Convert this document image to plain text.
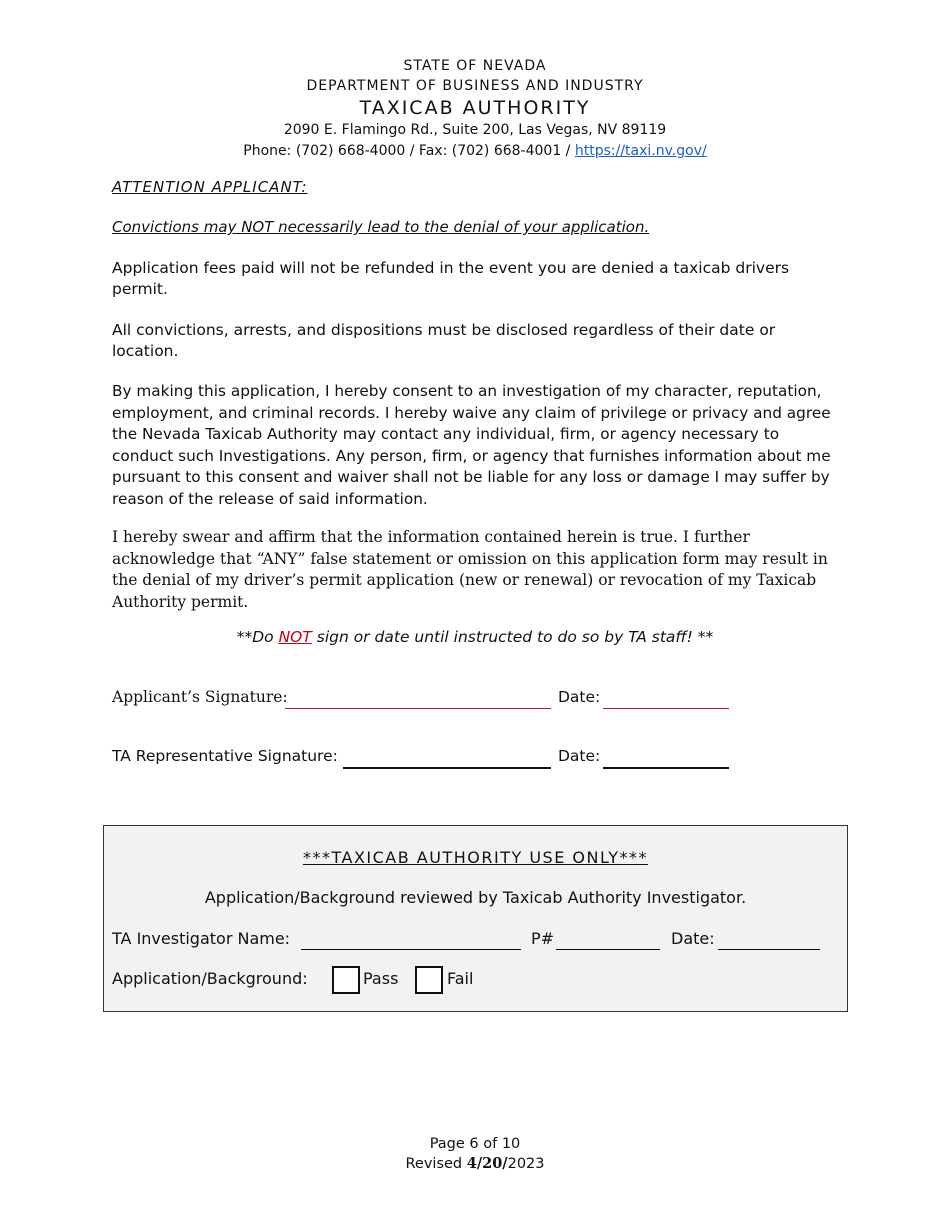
STATE OF NEVADA
DEPARTMENT OF BUSINESS AND INDUSTRY
TAXICAB AUTHORITY
2090 E. Flamingo Rd., Suite 200, Las Vegas, NV 89119
Phone: (702) 668-4000 / Fax: (702) 668-4001 / https://taxi.nv.gov/
ATTENTION APPLICANT:
Convictions may NOT necessarily lead to the denial of your application.

Application fees paid will not be refunded in the event you are denied a taxicab drivers permit.

All convictions, arrests, and dispositions must be disclosed regardless of their date or location.

By making this application, I hereby consent to an investigation of my character, reputation, employment, and criminal records. I hereby waive any claim of privilege or privacy and agree the Nevada Taxicab Authority may contact any individual, firm, or agency necessary to conduct such Investigations. Any person, firm, or agency that furnishes information about me pursuant to this consent and waiver shall not be liable for any loss or damage I may suffer by reason of the release of said information.

I hereby swear and affirm that the information contained herein is true. I further acknowledge that “ANY” false statement or omission on this application form may result in the denial of my driver’s permit application (new or renewal) or revocation of my Taxicab Authority permit.

**Do NOT sign or date until instructed to do so by TA staff! **
Applicant’s Signature:	Date:
TA Representative Signature:	Date:
***TAXICAB AUTHORITY USE ONLY***
Application/Background reviewed by Taxicab Authority Investigator.
TA Investigator Name:	P#	Date:
Application/Background:	Pass	Fail
Page 6 of 10
Revised 4/20/2023
